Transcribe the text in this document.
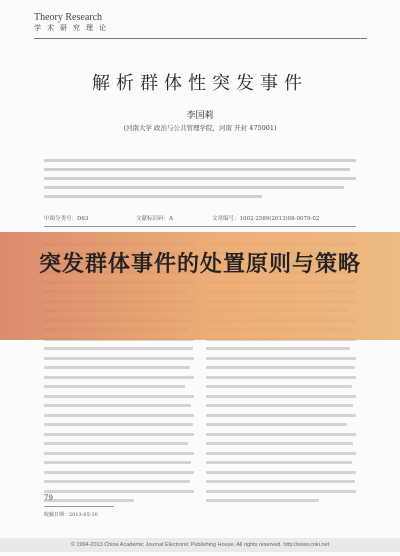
Theory Research
学术研究理论
解析群体性突发事件
李国莉
(河南大学 政治与公共管理学院，河南 开封 475001)
中图分类号：D63	文献标识码：A	文章编号：1002-2589(2013)08-0079-02
79
收稿日期：2013-05-10
突发群体事件的处置原则与策略
© 1994-2013 China Academic Journal Electronic Publishing House. All rights reserved. http://www.cnki.net
